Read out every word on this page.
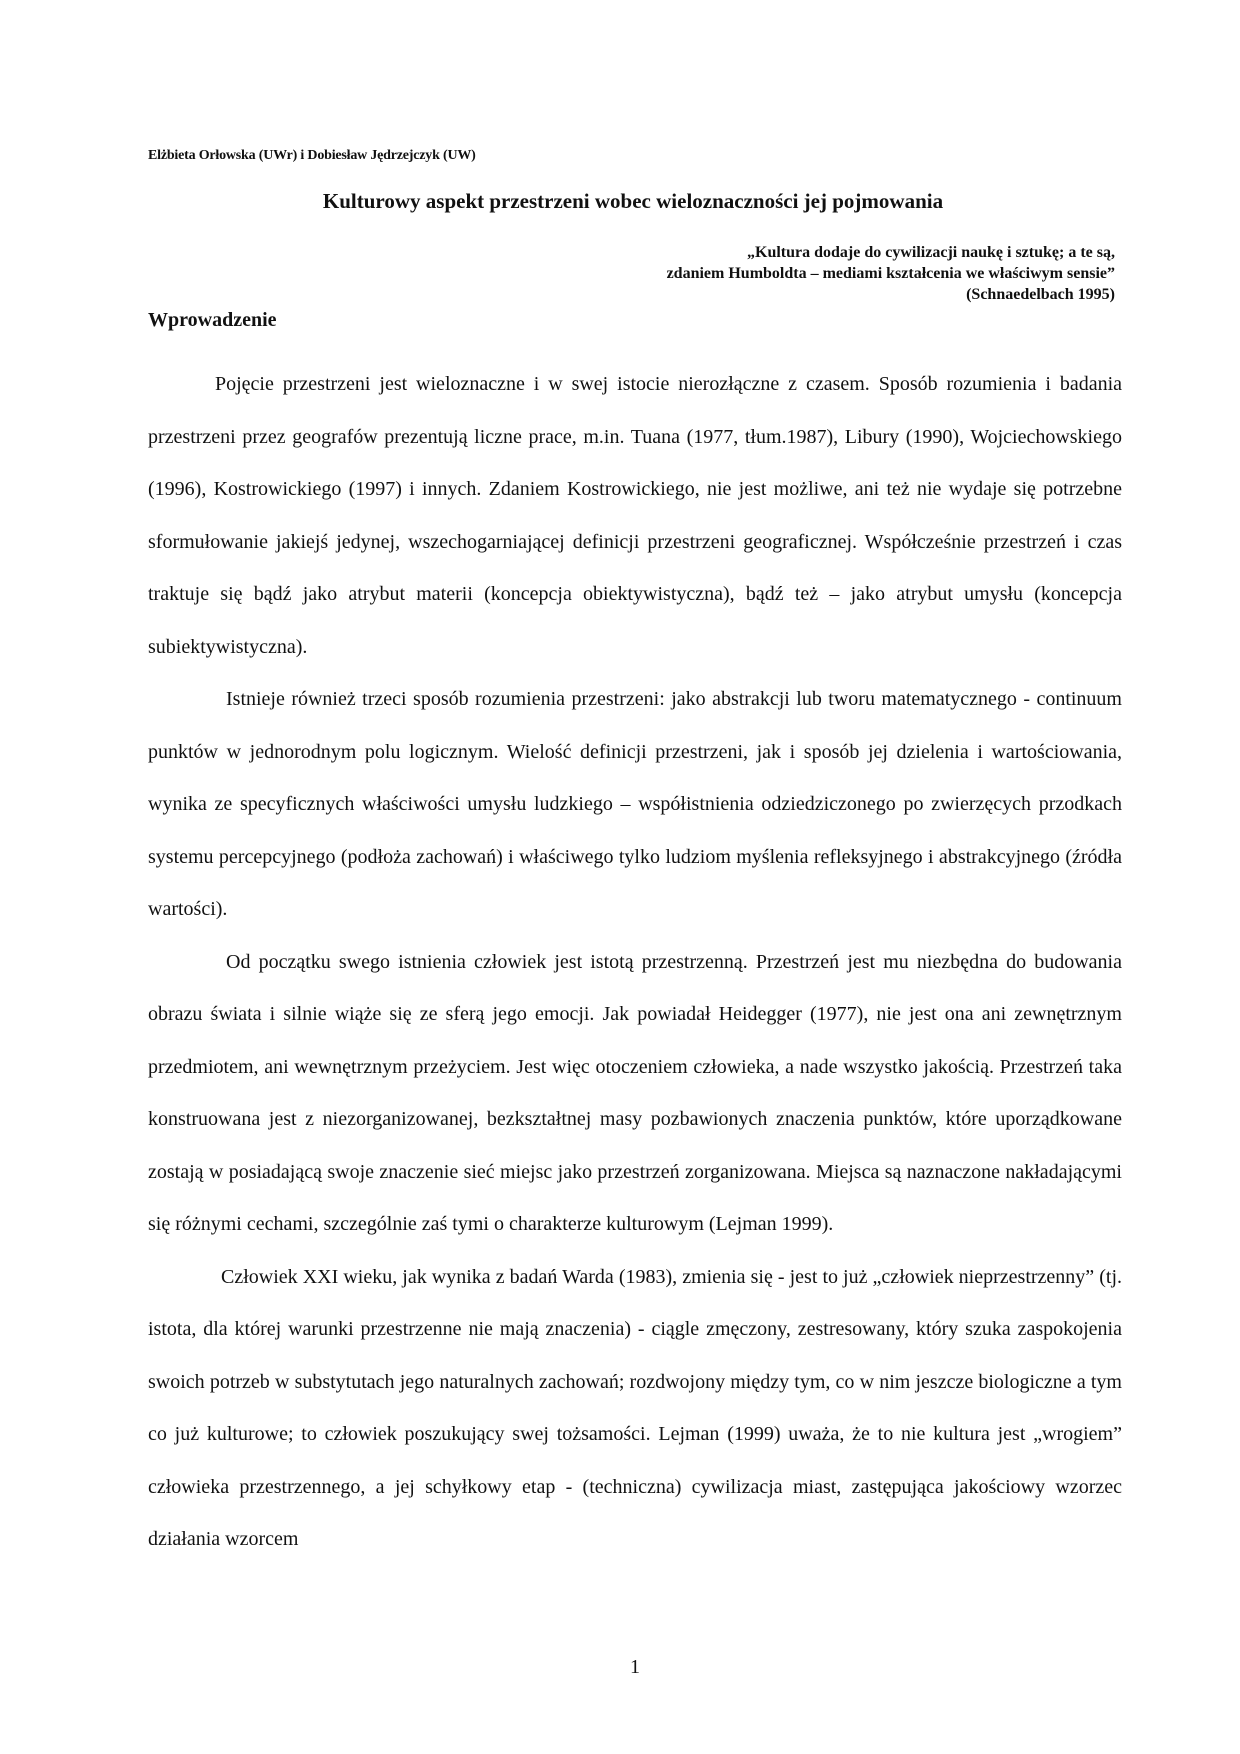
Elżbieta Orłowska (UWr) i Dobiesław Jędrzejczyk (UW)
Kulturowy aspekt przestrzeni wobec wieloznaczności jej pojmowania
„Kultura dodaje do cywilizacji naukę i sztukę; a te są,
zdaniem Humboldta – mediami kształcenia we właściwym sensie”
(Schnaedelbach 1995)
Wprowadzenie

Pojęcie przestrzeni jest wieloznaczne i w swej istocie nierozłączne z czasem. Sposób rozumienia i badania przestrzeni przez geografów prezentują liczne prace, m.in. Tuana (1977, tłum.1987), Libury (1990), Wojciechowskiego (1996), Kostrowickiego (1997) i innych. Zdaniem Kostrowickiego, nie jest możliwe, ani też nie wydaje się potrzebne sformułowanie jakiejś jedynej, wszechogarniającej definicji przestrzeni geograficznej. Współcześnie przestrzeń i czas traktuje się bądź jako atrybut materii (koncepcja obiektywistyczna), bądź też – jako atrybut umysłu (koncepcja subiektywistyczna).

Istnieje również trzeci sposób rozumienia przestrzeni: jako abstrakcji lub tworu matematycznego - continuum punktów w jednorodnym polu logicznym. Wielość definicji przestrzeni, jak i sposób jej dzielenia i wartościowania, wynika ze specyficznych właściwości umysłu ludzkiego – współistnienia odziedziczonego po zwierzęcych przodkach systemu percepcyjnego (podłoża zachowań) i właściwego tylko ludziom myślenia refleksyjnego i abstrakcyjnego (źródła wartości).

Od początku swego istnienia człowiek jest istotą przestrzenną. Przestrzeń jest mu niezbędna do budowania obrazu świata i silnie wiąże się ze sferą jego emocji. Jak powiadał Heidegger (1977), nie jest ona ani zewnętrznym przedmiotem, ani wewnętrznym przeżyciem. Jest więc otoczeniem człowieka, a nade wszystko jakością. Przestrzeń taka konstruowana jest z niezorganizowanej, bezkształtnej masy pozbawionych znaczenia punktów, które uporządkowane zostają w posiadającą swoje znaczenie sieć miejsc jako przestrzeń zorganizowana. Miejsca są naznaczone nakładającymi się różnymi cechami, szczególnie zaś tymi o charakterze kulturowym (Lejman 1999).

Człowiek XXI wieku, jak wynika z badań Warda (1983), zmienia się - jest to już „człowiek nieprzestrzenny” (tj. istota, dla której warunki przestrzenne nie mają znaczenia) - ciągle zmęczony, zestresowany, który szuka zaspokojenia swoich potrzeb w substytutach jego naturalnych zachowań; rozdwojony między tym, co w nim jeszcze biologiczne a tym co już kulturowe; to człowiek poszukujący swej tożsamości. Lejman (1999) uważa, że to nie kultura jest „wrogiem” człowieka przestrzennego, a jej schyłkowy etap - (techniczna) cywilizacja miast, zastępująca jakościowy wzorzec działania wzorcem

1
